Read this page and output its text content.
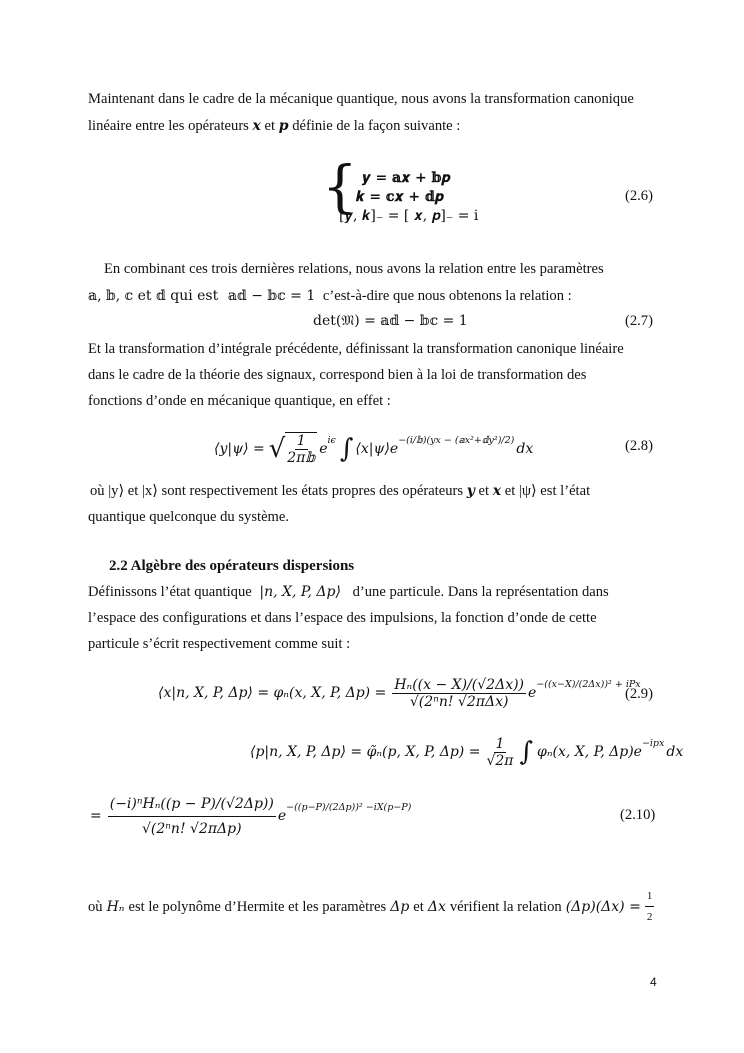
Maintenant dans le cadre de la mécanique quantique, nous avons la transformation canonique
linéaire entre les opérateurs 𝒙 et 𝒑 définie de la façon suivante :
{ 𝒚 = 𝕒𝒙 + 𝕓𝒑
𝒌 = 𝕔𝒙 + 𝕕𝒑
[𝒚, 𝒌]₋ = [ 𝒙, 𝒑]₋ = i
(2.6)
En combinant ces trois dernières relations, nous avons la relation entre les paramètres
𝕒, 𝕓, 𝕔 et 𝕕 qui est 𝕒𝕕 − 𝕓𝕔 = 1 c’est-à-dire que nous obtenons la relation :
det(𝔐) = 𝕒𝕕 − 𝕓𝕔 = 1	(2.7)
Et la transformation d’intégrale précédente, définissant la transformation canonique linéaire
dans le cadre de la théorie des signaux, correspond bien à la loi de transformation des
fonctions d’onde en mécanique quantique, en effet :
⟨y|ψ⟩ = √ $\frac{1}{\text{2π𝕓}}$ e
iϵ ∫ ⟨x|ψ⟩e
−(i/𝕓)(yx − (𝕒x²+𝕕y²)/2)
dx	(2.8)
où |y⟩ et |x⟩ sont respectivement les états propres des opérateurs 𝒚 et 𝒙 et |ψ⟩ est l’état
quantique quelconque du système.
2.2 Algèbre des opérateurs dispersions
Définissons l’état quantique |n, X, P, Δp⟩ d’une particule. Dans la représentation dans
l’espace des configurations et dans l’espace des impulsions, la fonction d’onde de cette
particule s’écrit respectivement comme suit :
⟨x|n, X, P, Δp⟩ = φₙ(x, X, P, $\Delta p) = \frac{\text{Hₙ((x − X)/(√2Δx))}}{\text{√(2ⁿn! √2πΔx)}}$ e
−((x−X)/(2Δx))² + iPx
(2.9)
⟨p|n, X, P, Δp⟩ = φ̃ₙ(p, X, P, $\Delta p) = \frac{1}{√2\pi}$ ∫ φₙ(x, X, P, Δp)e
−ipx
dx
= $\frac{\text{(−i)ⁿHₙ((p − P)/(√2Δp))}}{\text{√(2ⁿn! √2πΔp)}}$ e
−((p−P)/(2Δp))² −iX(p−P)	(2.10)
où Hₙ est le polynôme d’Hermite et les paramètres Δp et Δx vérifient la relation $(\Delta p)(\Delta x) = \frac{1}{2}$
4
